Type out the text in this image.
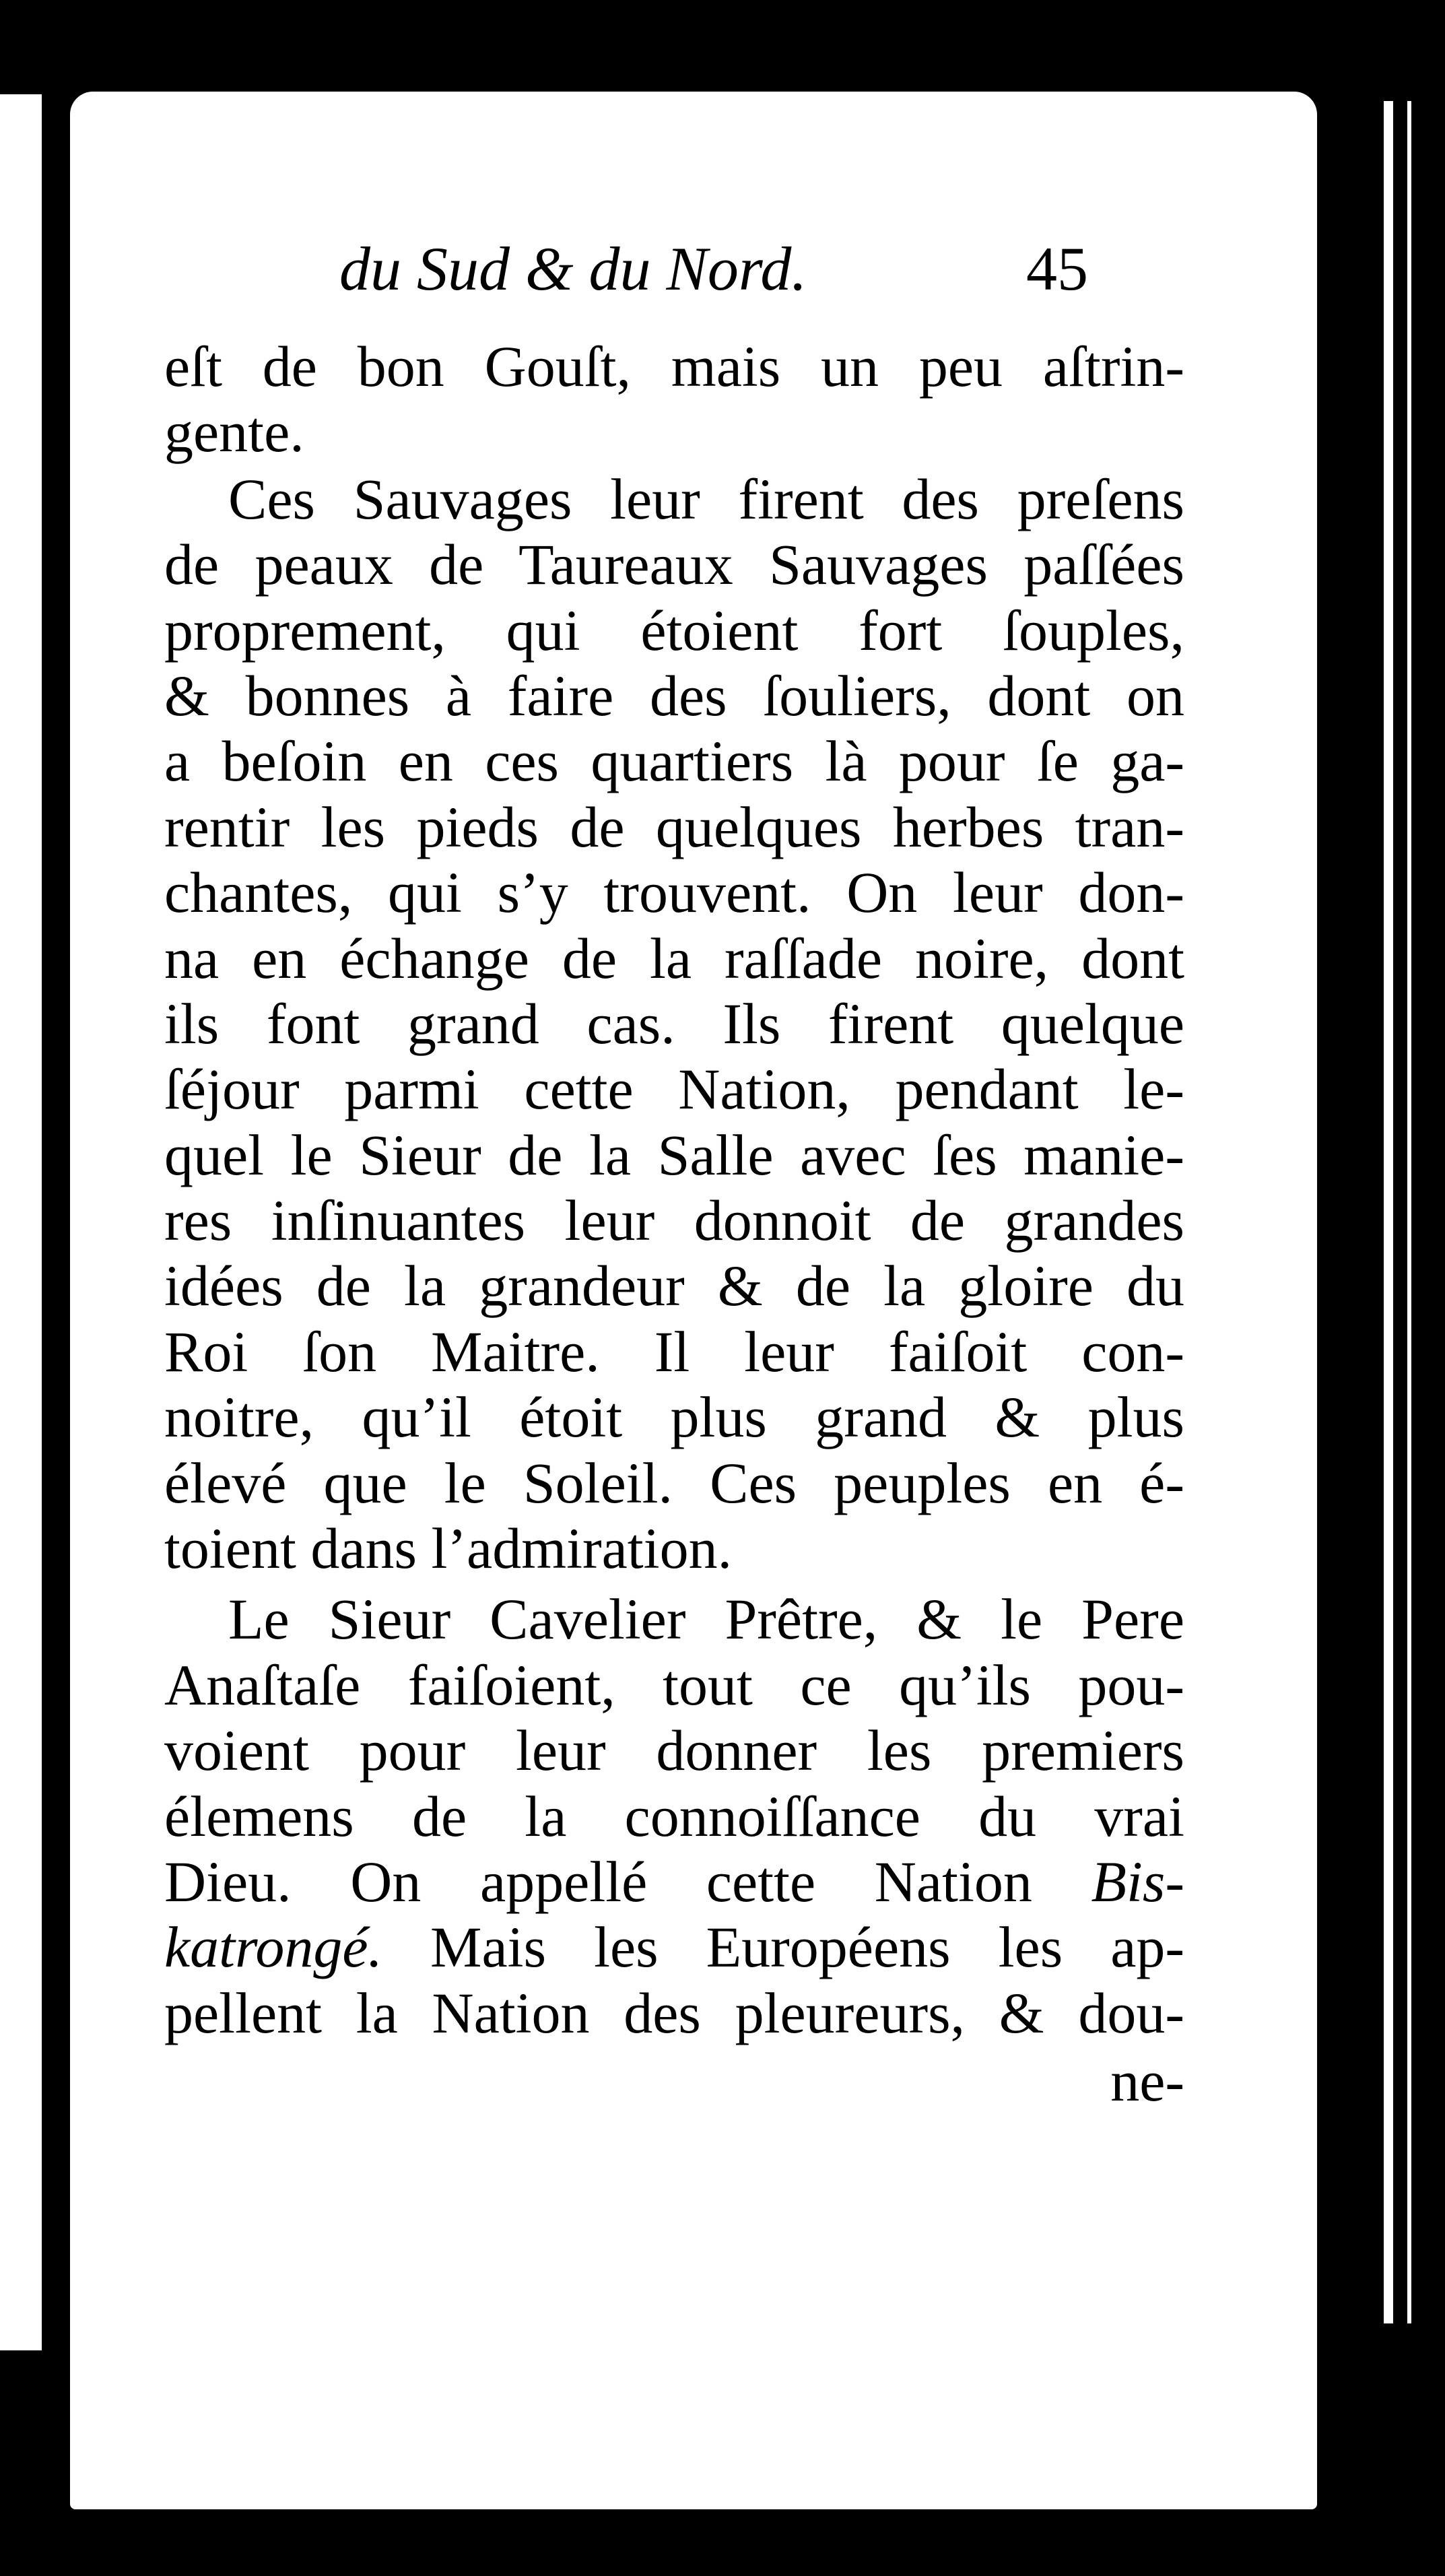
du Sud & du Nord.	45
eſt de bon Gouſt, mais un peu aſtrin-
gente.
Ces Sauvages leur firent des preſens
de peaux de Taureaux Sauvages paſſées
proprement, qui étoient fort ſouples,
& bonnes à faire des ſouliers, dont on
a beſoin en ces quartiers là pour ſe ga-
rentir les pieds de quelques herbes tran-
chantes, qui s’y trouvent. On leur don-
na en échange de la raſſade noire, dont
ils font grand cas. Ils firent quelque
ſéjour parmi cette Nation, pendant le-
quel le Sieur de la Salle avec ſes manie-
res inſinuantes leur donnoit de grandes
idées de la grandeur & de la gloire du
Roi ſon Maitre. Il leur faiſoit con-
noitre, qu’il étoit plus grand & plus
élevé que le Soleil. Ces peuples en é-
toient dans l’admiration.
Le Sieur Cavelier Prêtre, & le Pere
Anaſtaſe faiſoient, tout ce qu’ils pou-
voient pour leur donner les premiers
élemens de la connoiſſance du vrai
Dieu. On appellé cette Nation Bis-
katrongé. Mais les Européens les ap-
pellent la Nation des pleureurs, & dou-
ne-
